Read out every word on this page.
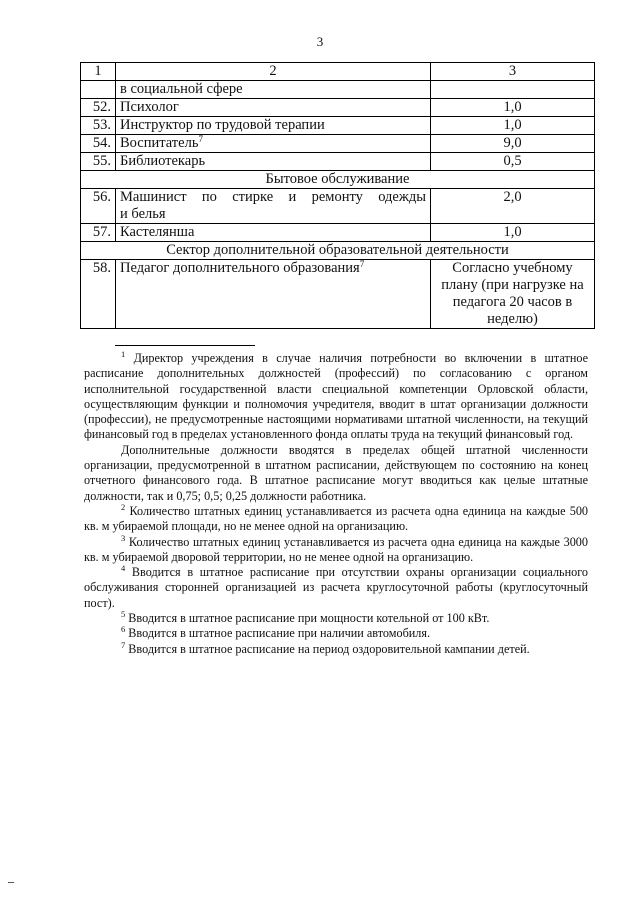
3
1	2	3
	в социальной сфере	
52.	Психолог	1,0
53.	Инструктор по трудовой терапии	1,0
54.	Воспитатель$^7$	9,0
55.	Библиотекарь	0,5
Бытовое обслуживание		
56.	Машинист по стирке и ремонту одежды
и белья	2,0
57.	Кастелянша	1,0
Сектор дополнительной образовательной деятельности		
58.	Педагог дополнительного образования$^7$	Согласно учебному
плану (при нагрузке на
педагога 20 часов в
неделю)

$^1$ Директор учреждения в случае наличия потребности во включении в штатное расписание дополнительных должностей (профессий) по согласованию с органом исполнительной государственной власти специальной компетенции Орловской области, осуществляющим функции и полномочия учредителя, вводит в штат организации должности (профессии), не предусмотренные настоящими нормативами штатной численности, на текущий финансовый год в пределах установленного фонда оплаты труда на текущий финансовый год.

Дополнительные должности вводятся в пределах общей штатной численности организации, предусмотренной в штатном расписании, действующем по состоянию на конец отчетного финансового года. В штатное расписание могут вводиться как целые штатные должности, так и 0,75; 0,5; 0,25 должности работника.

$^2$ Количество штатных единиц устанавливается из расчета одна единица на каждые 500 кв. м убираемой площади, но не менее одной на организацию.

$^3$ Количество штатных единиц устанавливается из расчета одна единица на каждые 3000 кв. м убираемой дворовой территории, но не менее одной на организацию.

$^4$ Вводится в штатное расписание при отсутствии охраны организации социального обслуживания сторонней организацией из расчета круглосуточной работы (круглосуточный пост).

$^5$ Вводится в штатное расписание при мощности котельной от 100 кВт.

$^6$ Вводится в штатное расписание при наличии автомобиля.

$^7$ Вводится в штатное расписание на период оздоровительной кампании детей.
